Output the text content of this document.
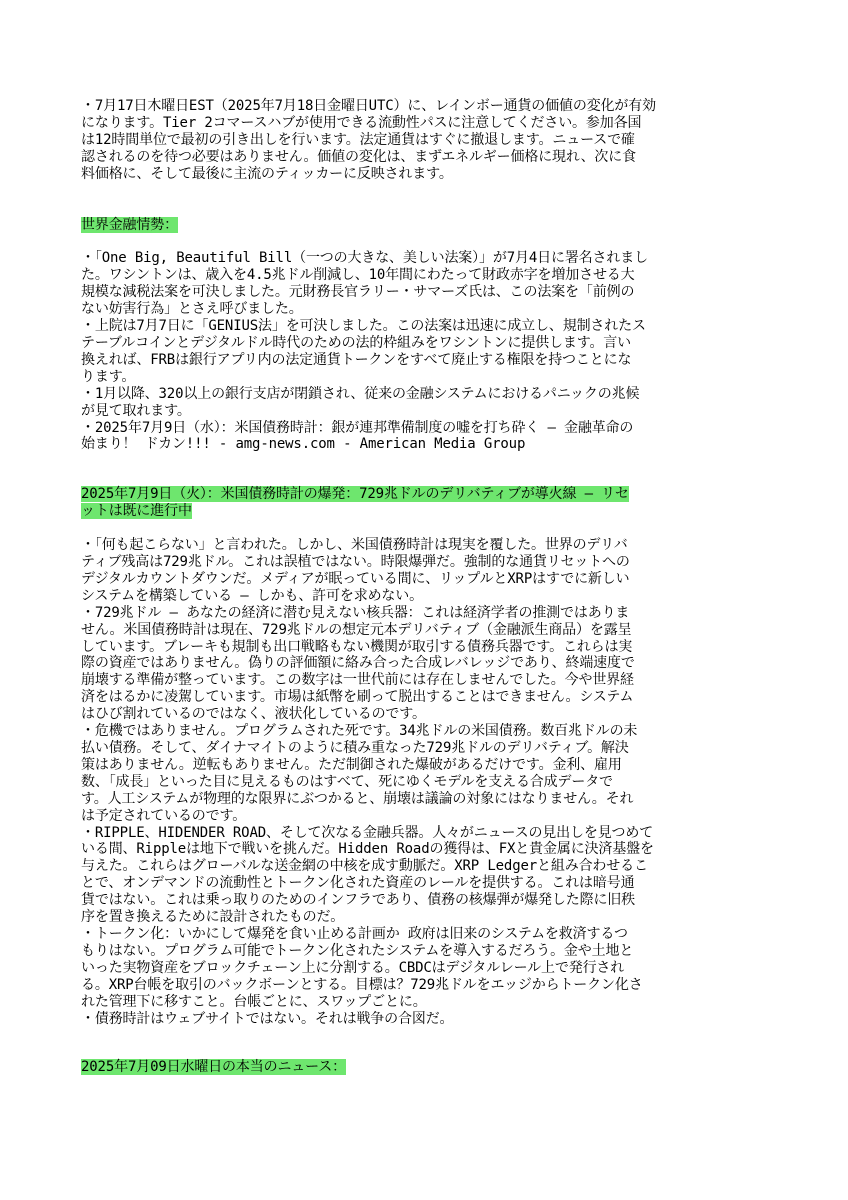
・7月17日木曜日EST（2025年7月18日金曜日UTC）に、レインボー通貨の価値の変化が有効
になります。Tier 2コマースハブが使用できる流動性パスに注意してください。参加各国
は12時間単位で最初の引き出しを行います。法定通貨はすぐに撤退します。ニュースで確
認されるのを待つ必要はありません。価値の変化は、まずエネルギー価格に現れ、次に食
料価格に、そして最後に主流のティッカーに反映されます。

世界金融情勢：

・「One Big, Beautiful Bill（一つの大きな、美しい法案）」が7月4日に署名されまし
た。ワシントンは、歳入を4.5兆ドル削減し、10年間にわたって財政赤字を増加させる大
規模な減税法案を可決しました。元財務長官ラリー・サマーズ氏は、この法案を「前例の
ない妨害行為」とさえ呼びました。

・上院は7月7日に「GENIUS法」を可決しました。この法案は迅速に成立し、規制されたス
テーブルコインとデジタルドル時代のための法的枠組みをワシントンに提供します。言い
換えれば、FRBは銀行アプリ内の法定通貨トークンをすべて廃止する権限を持つことにな
ります。

・1月以降、320以上の銀行支店が閉鎖され、従来の金融システムにおけるパニックの兆候
が見て取れます。

・2025年7月9日（水）：米国債務時計：銀が連邦準備制度の嘘を打ち砕く ― 金融革命の
始まり！ ドカン!!! - amg-news.com - American Media Group

2025年7月9日（火）：米国債務時計の爆発：729兆ドルのデリバティブが導火線 ― リセ
ットは既に進行中

・「何も起こらない」と言われた。しかし、米国債務時計は現実を覆した。世界のデリバ
ティブ残高は729兆ドル。これは誤植ではない。時限爆弾だ。強制的な通貨リセットへの
デジタルカウントダウンだ。メディアが眠っている間に、リップルとXRPはすでに新しい
システムを構築している ― しかも、許可を求めない。

・729兆ドル ― あなたの経済に潜む見えない核兵器：これは経済学者の推測ではありま
せん。米国債務時計は現在、729兆ドルの想定元本デリバティブ（金融派生商品）を露呈
しています。ブレーキも規制も出口戦略もない機関が取引する債務兵器です。これらは実
際の資産ではありません。偽りの評価額に絡み合った合成レバレッジであり、終端速度で
崩壊する準備が整っています。この数字は一世代前には存在しませんでした。今や世界経
済をはるかに凌駕しています。市場は紙幣を刷って脱出することはできません。システム
はひび割れているのではなく、液状化しているのです。

・危機ではありません。プログラムされた死です。34兆ドルの米国債務。数百兆ドルの未
払い債務。そして、ダイナマイトのように積み重なった729兆ドルのデリバティブ。解決
策はありません。逆転もありません。ただ制御された爆破があるだけです。金利、雇用
数、「成長」といった目に見えるものはすべて、死にゆくモデルを支える合成データで
す。人工システムが物理的な限界にぶつかると、崩壊は議論の対象にはなりません。それ
は予定されているのです。

・RIPPLE、HIDENDER ROAD、そして次なる金融兵器。人々がニュースの見出しを見つめて
いる間、Rippleは地下で戦いを挑んだ。Hidden Roadの獲得は、FXと貴金属に決済基盤を
与えた。これらはグローバルな送金網の中核を成す動脈だ。XRP Ledgerと組み合わせるこ
とで、オンデマンドの流動性とトークン化された資産のレールを提供する。これは暗号通
貨ではない。これは乗っ取りのためのインフラであり、債務の核爆弾が爆発した際に旧秩
序を置き換えるために設計されたものだ。

・トークン化：いかにして爆発を食い止める計画か 政府は旧来のシステムを救済するつ
もりはない。プログラム可能でトークン化されたシステムを導入するだろう。金や土地と
いった実物資産をブロックチェーン上に分割する。CBDCはデジタルレール上で発行され
る。XRP台帳を取引のバックボーンとする。目標は？729兆ドルをエッジからトークン化さ
れた管理下に移すこと。台帳ごとに、スワップごとに。

・債務時計はウェブサイトではない。それは戦争の合図だ。

2025年7月09日水曜日の本当のニュース：
